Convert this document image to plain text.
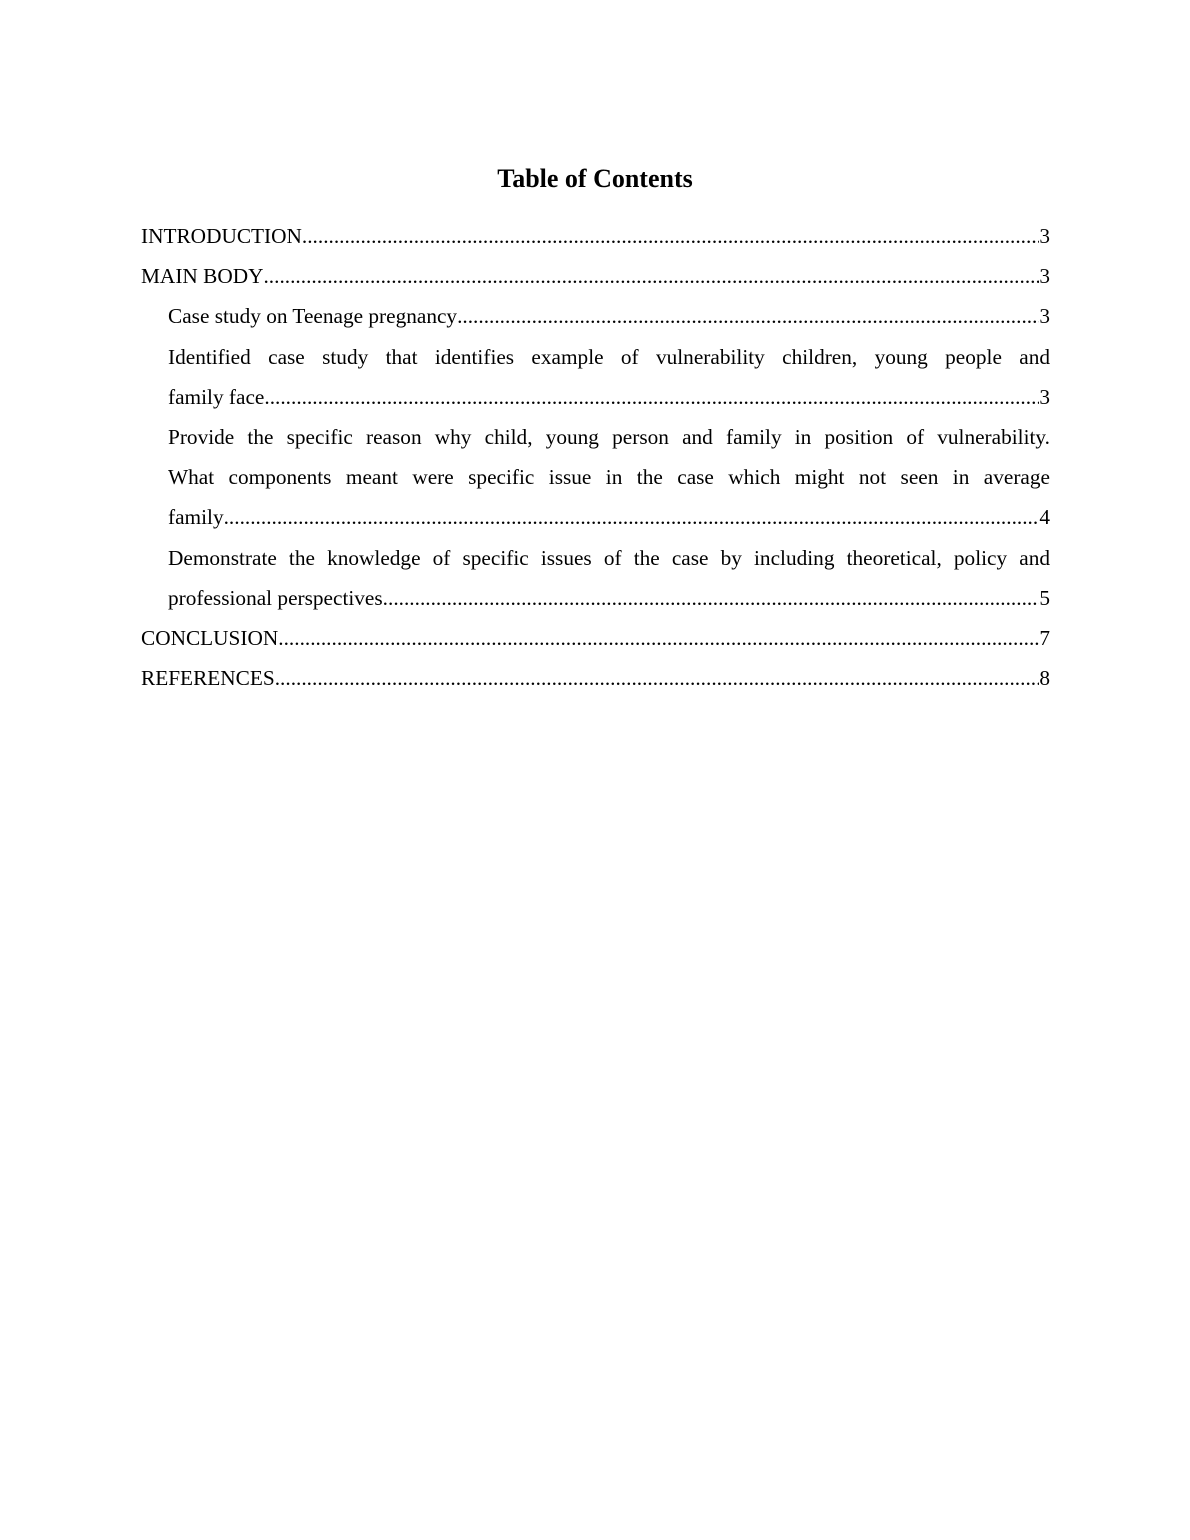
Table of Contents
INTRODUCTION .....	3
MAIN BODY .....	3
Case study on Teenage pregnancy .....	3
Identified case study that identifies example of vulnerability children, young people and
family face. .....	3
Provide the specific reason why child, young person and family in position of vulnerability.
What components meant were specific issue in the case which might not seen in average
family .....	4
Demonstrate the knowledge of specific issues of the case by including theoretical, policy and
professional perspectives. .....	5
CONCLUSION .....	7
REFERENCES .....	8
